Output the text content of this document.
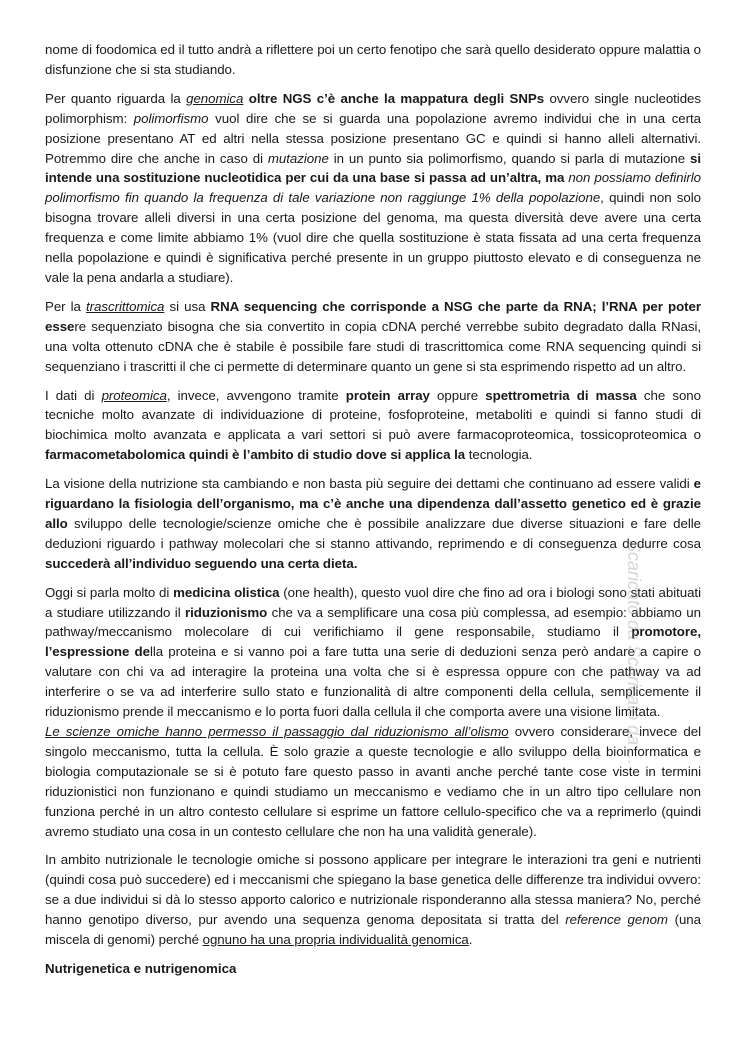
nome di foodomica ed il tutto andrà a riflettere poi un certo fenotipo che sarà quello desiderato oppure malattia o disfunzione che si sta studiando.

Per quanto riguarda la genomica oltre NGS c’è anche la mappatura degli SNPs ovvero single nucleotides polimorphism: polimorfismo vuol dire che se si guarda una popolazione avremo individui che in una certa posizione presentano AT ed altri nella stessa posizione presentano GC e quindi si hanno alleli alternativi. Potremmo dire che anche in caso di mutazione in un punto sia polimorfismo, quando si parla di mutazione si intende una sostituzione nucleotidica per cui da una base si passa ad un’altra, ma non possiamo definirlo polimorfismo fin quando la frequenza di tale variazione non raggiunge 1% della popolazione, quindi non solo bisogna trovare alleli diversi in una certa posizione del genoma, ma questa diversità deve avere una certa frequenza e come limite abbiamo 1% (vuol dire che quella sostituzione è stata fissata ad una certa frequenza nella popolazione e quindi è significativa perché presente in un gruppo piuttosto elevato e di conseguenza ne vale la pena andarla a studiare).

Per la trascrittomica si usa RNA sequencing che corrisponde a NSG che parte da RNA; l’RNA per poter essere sequenziato bisogna che sia convertito in copia cDNA perché verrebbe subito degradato dalla RNasi, una volta ottenuto cDNA che è stabile è possibile fare studi di trascrittomica come RNA sequencing quindi si sequenziano i trascritti il che ci permette di determinare quanto un gene si sta esprimendo rispetto ad un altro.

I dati di proteomica, invece, avvengono tramite protein array oppure spettrometria di massa che sono tecniche molto avanzate di individuazione di proteine, fosfoproteine, metaboliti e quindi si fanno studi di biochimica molto avanzata e applicata a vari settori si può avere farmacoproteomica, tossicoproteomica o farmacometabolomica quindi è l’ambito di studio dove si applica la tecnologia.

La visione della nutrizione sta cambiando e non basta più seguire dei dettami che continuano ad essere validi e riguardano la fisiologia dell’organismo, ma c’è anche una dipendenza dall’assetto genetico ed è grazie allo sviluppo delle tecnologie/scienze omiche che è possibile analizzare due diverse situazioni e fare delle deduzioni riguardo i pathway molecolari che si stanno attivando, reprimendo e di conseguenza dedurre cosa succederà all’individuo seguendo una certa dieta.

Oggi si parla molto di medicina olistica (one health), questo vuol dire che fino ad ora i biologi sono stati abituati a studiare utilizzando il riduzionismo che va a semplificare una cosa più complessa, ad esempio: abbiamo un pathway/meccanismo molecolare di cui verifichiamo il gene responsabile, studiamo il promotore, l’espressione della proteina e si vanno poi a fare tutta una serie di deduzioni senza però andare a capire o valutare con chi va ad interagire la proteina una volta che si è espressa oppure con che pathway va ad interferire o se va ad interferire sullo stato e funzionalità di altre componenti della cellula, semplicemente il riduzionismo prende il meccanismo e lo porta fuori dalla cellula il che comporta avere una visione limitata.

Le scienze omiche hanno permesso il passaggio dal riduzionismo all’olismo ovvero considerare, invece del singolo meccanismo, tutta la cellula. È solo grazie a queste tecnologie e allo sviluppo della bioinformatica e biologia computazionale se si è potuto fare questo passo in avanti anche perché tante cose viste in termini riduzionistici non funzionano e quindi studiamo un meccanismo e vediamo che in un altro tipo cellulare non funziona perché in un altro contesto cellulare si esprime un fattore cellulo-specifico che va a reprimerlo (quindi avremo studiato una cosa in un contesto cellulare che non ha una validità generale).

In ambito nutrizionale le tecnologie omiche si possono applicare per integrare le interazioni tra geni e nutrienti (quindi cosa può succedere) ed i meccanismi che spiegano la base genetica delle differenze tra individui ovvero: se a due individui si dà lo stesso apporto calorico e nutrizionale risponderanno alla stessa maniera? No, perché hanno genotipo diverso, pur avendo una sequenza genoma depositata si tratta del reference genom (una miscela di genomi) perché ognuno ha una propria individualità genomica.

Nutrigenetica e nutrigenomica
Scaricato da Scaricato da ...
